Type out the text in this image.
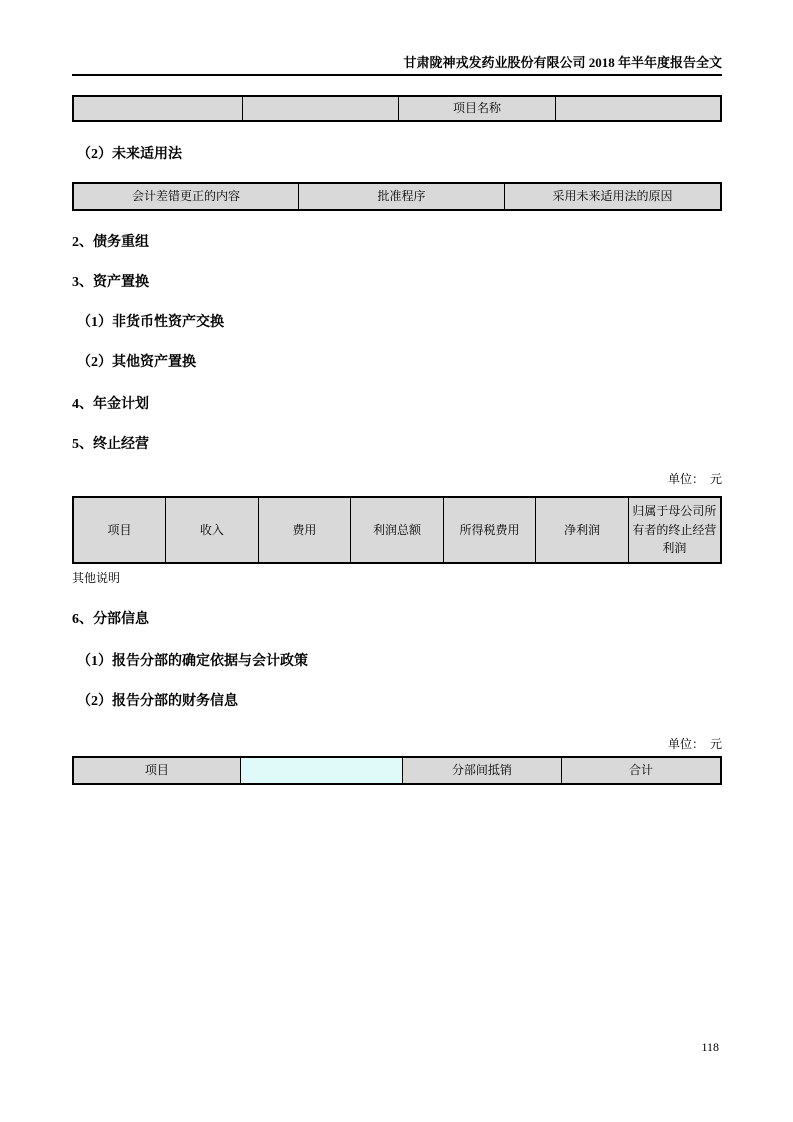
甘肃陇神戎发药业股份有限公司 2018 年半年度报告全文
		项目名称	
（2）未来适用法
会计差错更正的内容	批准程序	采用未来适用法的原因
2、债务重组
3、资产置换
（1）非货币性资产交换
（2）其他资产置换
4、年金计划
5、终止经营
单位：　元
项目	收入	费用	利润总额	所得税费用	净利润	归属于母公司所有者的终止经营利润
其他说明
6、分部信息
（1）报告分部的确定依据与会计政策
（2）报告分部的财务信息
单位：　元
项目		分部间抵销	合计
118
